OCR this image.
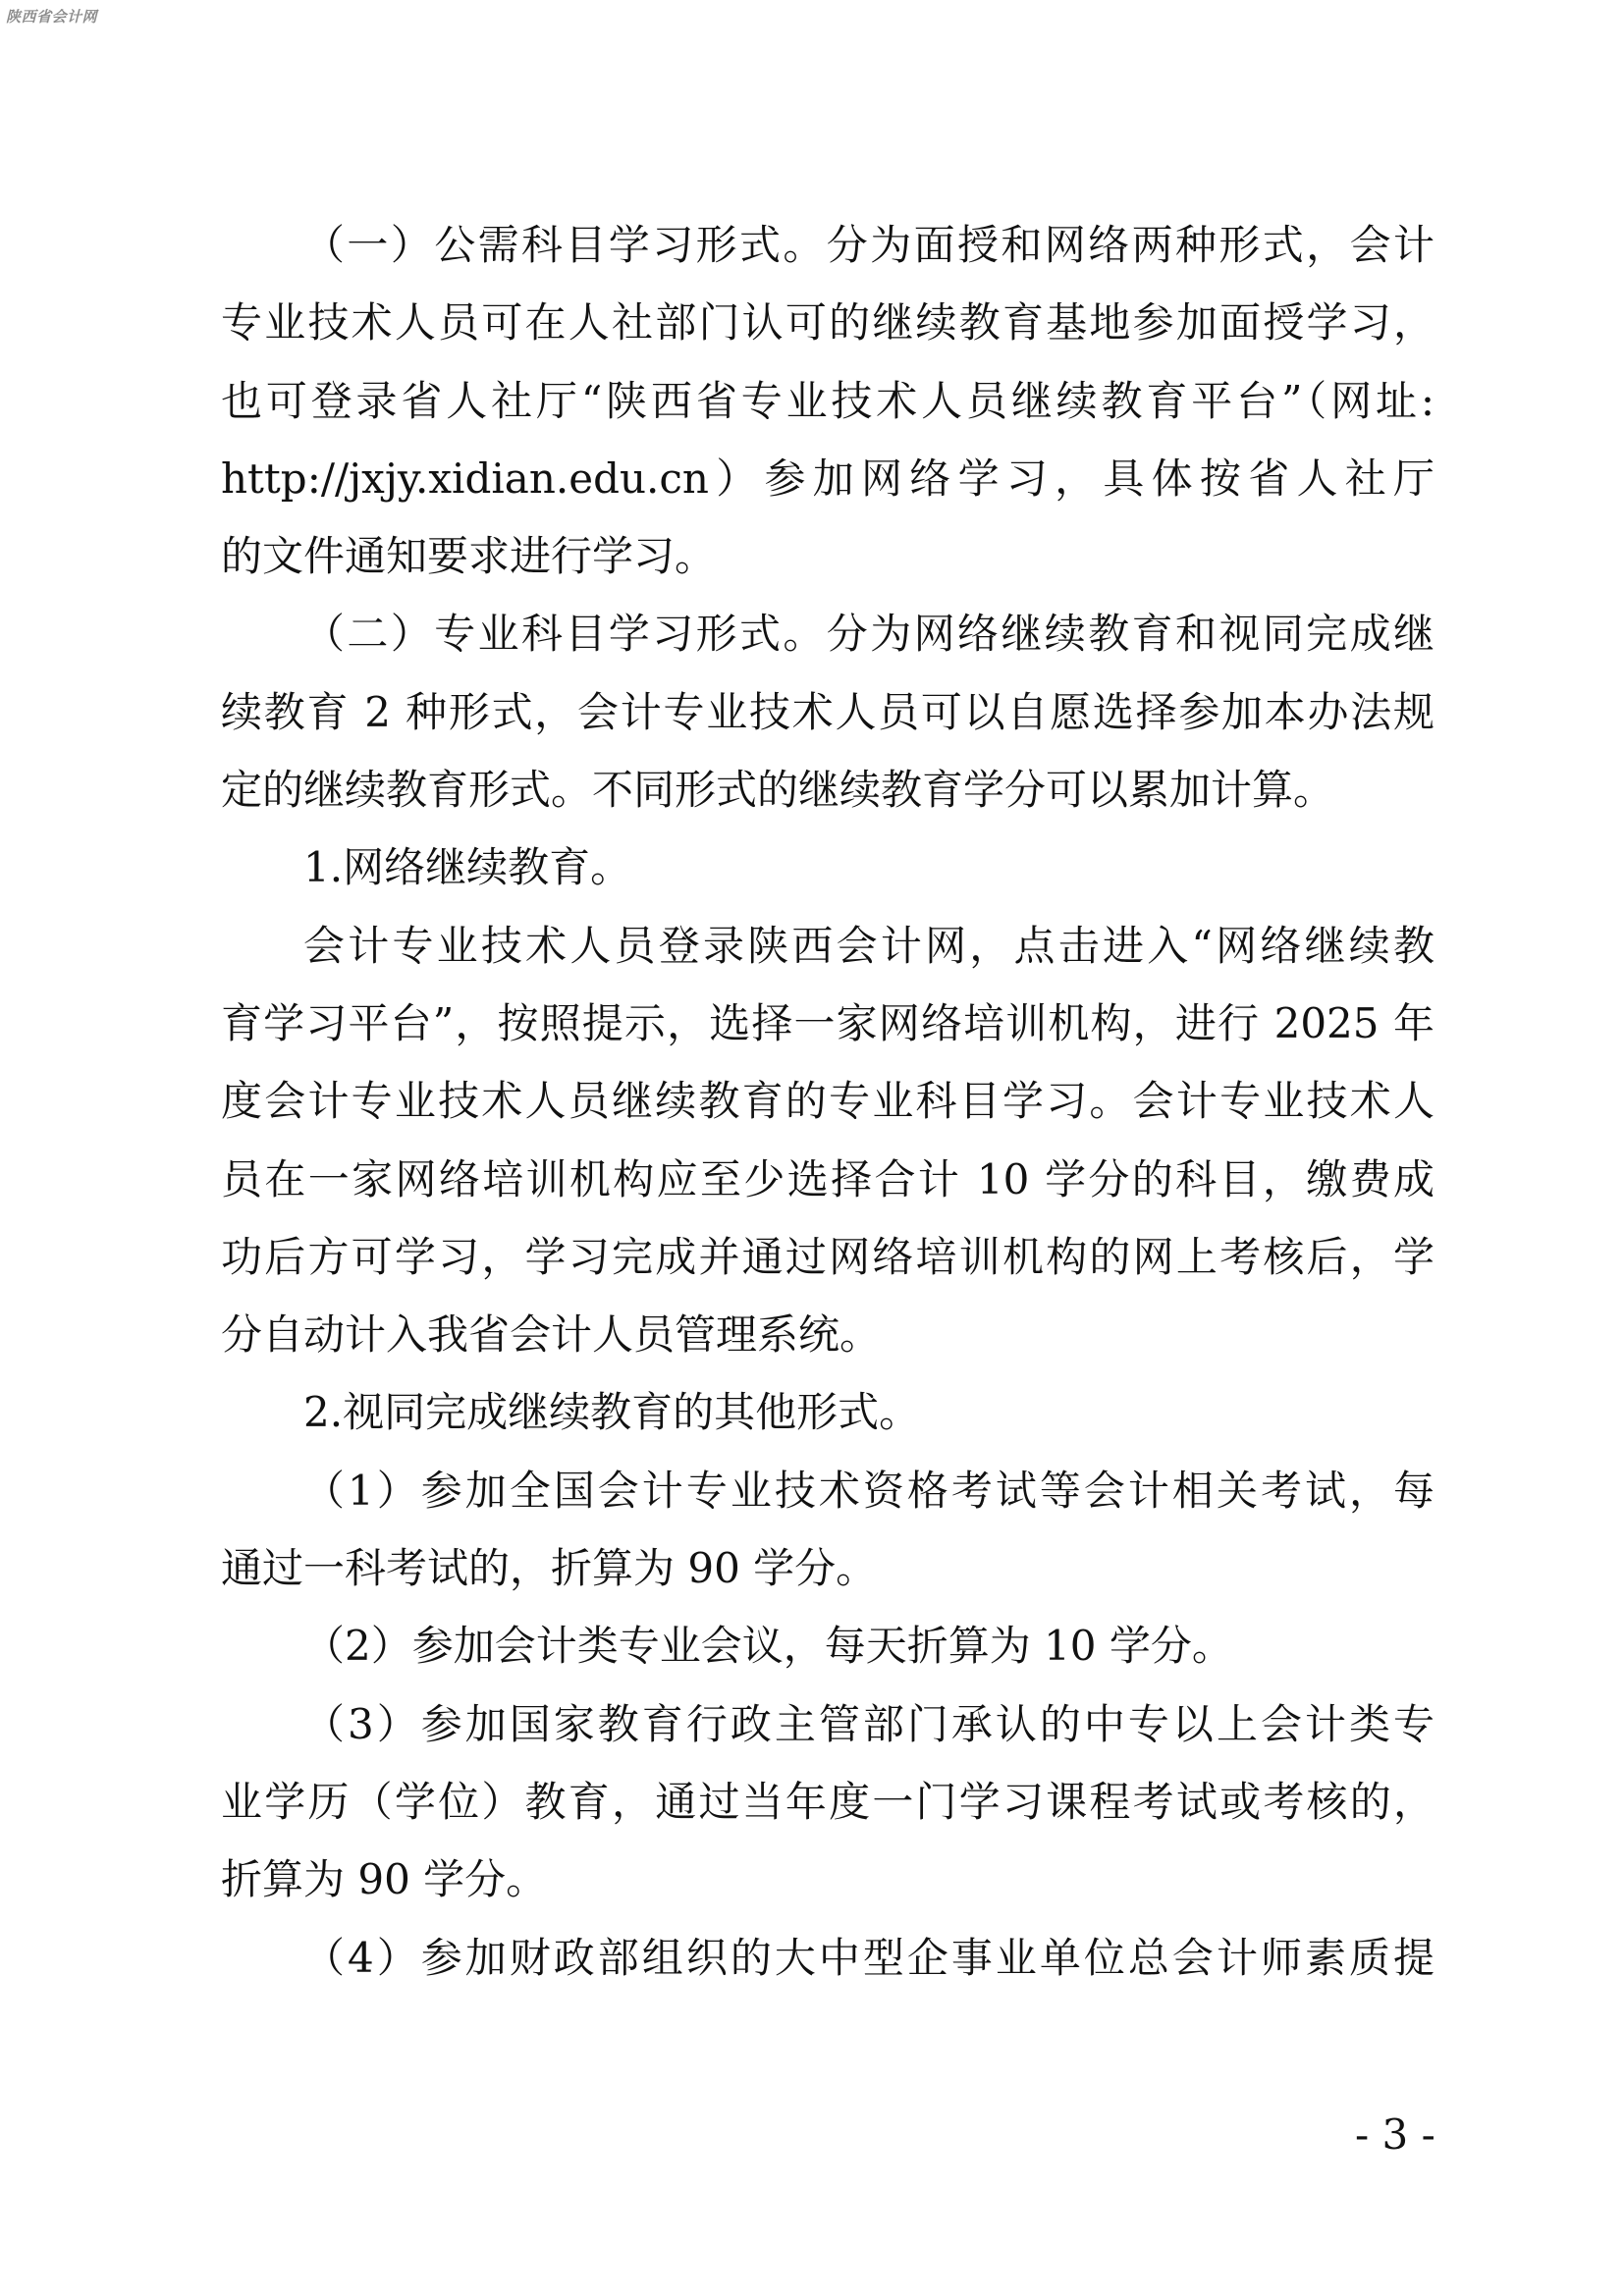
陕西省会计网
（一）公需科目学习形式。分为面授和网络两种形式，会计
专业技术人员可在人社部门认可的继续教育基地参加面授学习，
也可登录省人社厅“陕西省专业技术人员继续教育平台”（网址:
http://jxjy.xidian.edu.cn）参加网络学习，具体按省人社厅
的文件通知要求进行学习。
（二）专业科目学习形式。分为网络继续教育和视同完成继
续教育 2 种形式，会计专业技术人员可以自愿选择参加本办法规
定的继续教育形式。不同形式的继续教育学分可以累加计算。
1.网络继续教育。
会计专业技术人员登录陕西会计网，点击进入“网络继续教
育学习平台”，按照提示，选择一家网络培训机构，进行 2025 年
度会计专业技术人员继续教育的专业科目学习。会计专业技术人
员在一家网络培训机构应至少选择合计 10 学分的科目，缴费成
功后方可学习，学习完成并通过网络培训机构的网上考核后，学
分自动计入我省会计人员管理系统。
2.视同完成继续教育的其他形式。
（1）参加全国会计专业技术资格考试等会计相关考试，每
通过一科考试的，折算为 90 学分。
（2）参加会计类专业会议，每天折算为 10 学分。
（3）参加国家教育行政主管部门承认的中专以上会计类专
业学历（学位）教育，通过当年度一门学习课程考试或考核的，
折算为 90 学分。
（4）参加财政部组织的大中型企事业单位总会计师素质提
- 3 -
